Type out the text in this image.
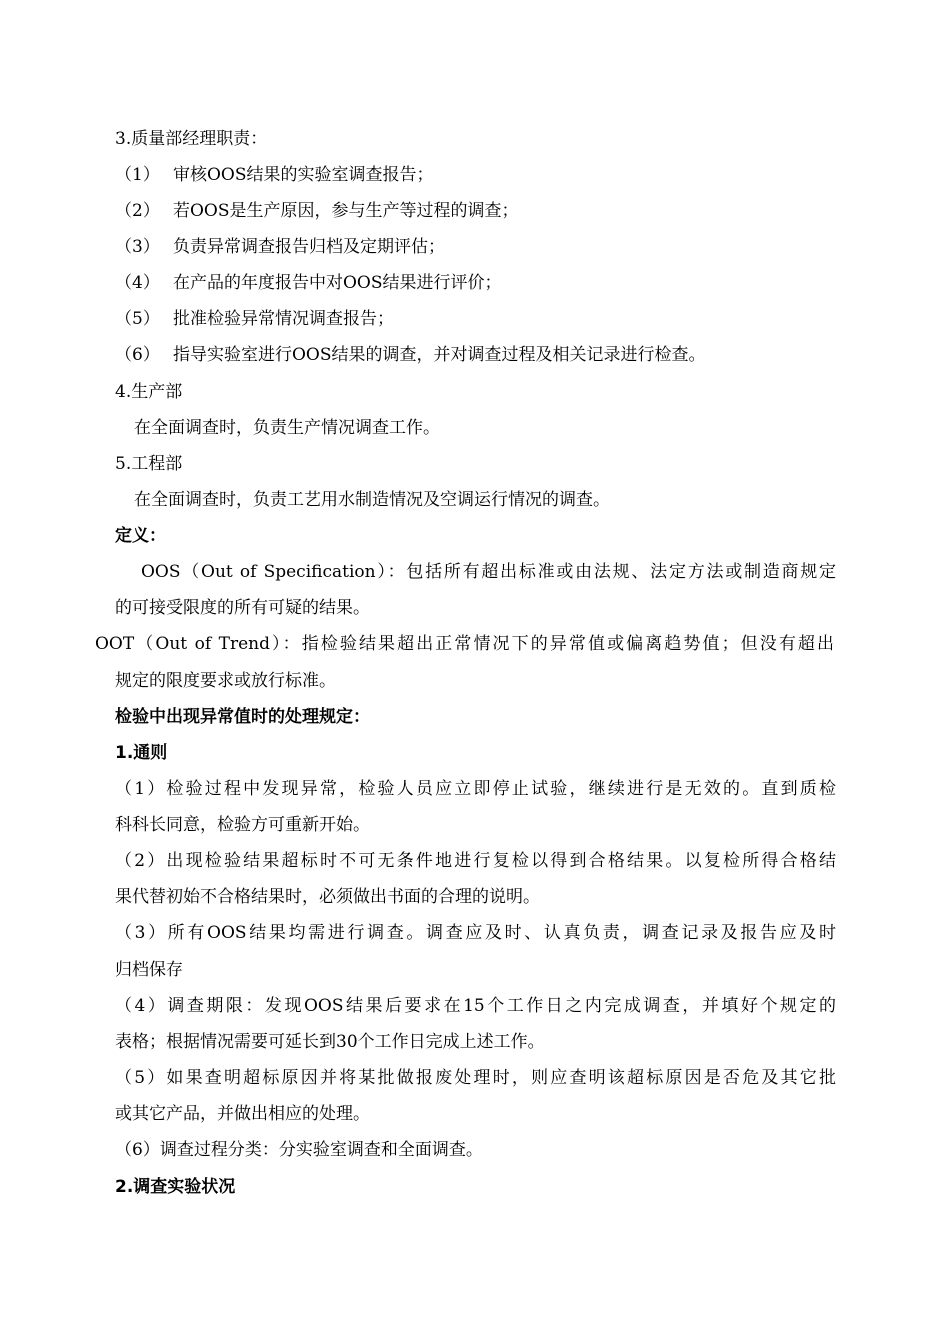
3.质量部经理职责：
（1） 审核OOS结果的实验室调查报告；
（2） 若OOS是生产原因，参与生产等过程的调查；
（3） 负责异常调查报告归档及定期评估；
（4） 在产品的年度报告中对OOS结果进行评价；
（5） 批准检验异常情况调查报告；
（6） 指导实验室进行OOS结果的调查，并对调查过程及相关记录进行检查。
4.生产部
在全面调查时，负责生产情况调查工作。
5.工程部
在全面调查时，负责工艺用水制造情况及空调运行情况的调查。
定义：
OOS（Out of Specification）：包括所有超出标准或由法规、法定方法或制造商规定
的可接受限度的所有可疑的结果。
OOT（Out of Trend）：指检验结果超出正常情况下的异常值或偏离趋势值；但没有超出
规定的限度要求或放行标准。
检验中出现异常值时的处理规定：
1.通则
（1）检验过程中发现异常，检验人员应立即停止试验，继续进行是无效的。直到质检
科科长同意，检验方可重新开始。
（2）出现检验结果超标时不可无条件地进行复检以得到合格结果。以复检所得合格结
果代替初始不合格结果时，必须做出书面的合理的说明。
（3）所有OOS结果均需进行调查。调查应及时、认真负责，调查记录及报告应及时
归档保存
（4）调查期限：发现OOS结果后要求在15个工作日之内完成调查，并填好个规定的
表格；根据情况需要可延长到30个工作日完成上述工作。
（5）如果查明超标原因并将某批做报废处理时，则应查明该超标原因是否危及其它批
或其它产品，并做出相应的处理。
（6）调查过程分类：分实验室调查和全面调查。
2.调查实验状况
